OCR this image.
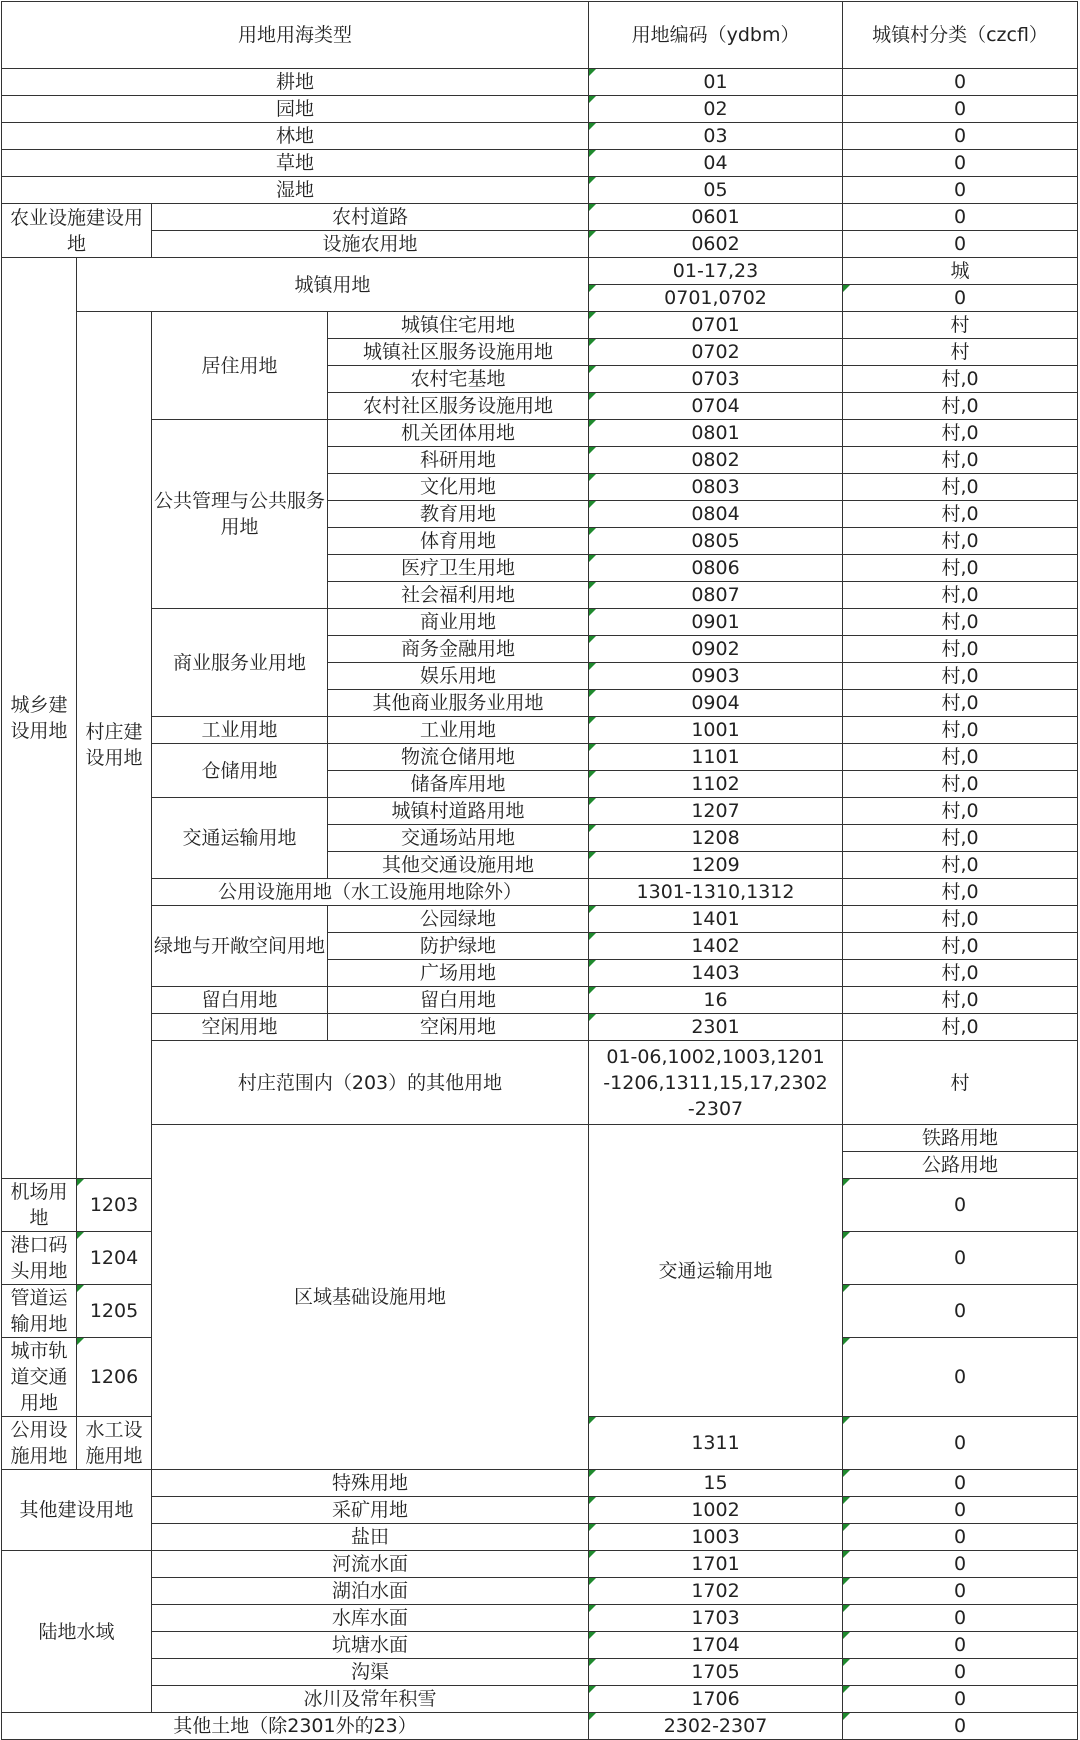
用地用海类型				用地编码（ydbm）	城镇村分类（czcfl）	
耕地				01	0	
园地				02	0	
林地				03	0	
草地				04	0	
湿地				05	0	
农业设施建设用地		农村道路		0601	0	
		设施农用地		0602	0	
城乡建设用地	城镇用地			01-17,23	城	
				0701,0702	0	
	村庄建设用地	居住用地	城镇住宅用地	0701	村	
			城镇社区服务设施用地	0702	村	
			农村宅基地	0703	村,0	
			农村社区服务设施用地	0704	村,0	
		公共管理与公共服务用地	机关团体用地	0801	村,0	
			科研用地	0802	村,0	
			文化用地	0803	村,0	
			教育用地	0804	村,0	
			体育用地	0805	村,0	
			医疗卫生用地	0806	村,0	
			社会福利用地	0807	村,0	
		商业服务业用地	商业用地	0901	村,0	
			商务金融用地	0902	村,0	
			娱乐用地	0903	村,0	
			其他商业服务业用地	0904	村,0	
		工业用地	工业用地	1001	村,0	
		仓储用地	物流仓储用地	1101	村,0	
			储备库用地	1102	村,0	
		交通运输用地	城镇村道路用地	1207	村,0	
			交通场站用地	1208	村,0	
			其他交通设施用地	1209	村,0	
		公用设施用地（水工设施用地除外）		1301-1310,1312	村,0	
		绿地与开敞空间用地	公园绿地	1401	村,0	
			防护绿地	1402	村,0	
			广场用地	1403	村,0	
		留白用地	留白用地	16	村,0	
		空闲用地	空闲用地	2301	村,0	
		村庄范围内（203）的其他用地		01-06,1002,1003,1201-1206,1311,15,17,2302-2307	村	
		区域基础设施用地		交通运输用地	铁路用地		
					公路用地		
机场用地	1203				0	
港口码头用地	1204				0	
管道运输用地	1205				0	
城市轨道交通用地	1206				0	
公用设施用地	水工设施用地			1311	0	
其他建设用地		特殊用地		15	0	
		采矿用地		1002	0	
		盐田		1003	0	
陆地水域		河流水面		1701	0	
		湖泊水面		1702	0	
		水库水面		1703	0	
		坑塘水面		1704	0	
		沟渠		1705	0	
		冰川及常年积雪		1706	0	
其他土地（除2301外的23）				2302-2307	0	
